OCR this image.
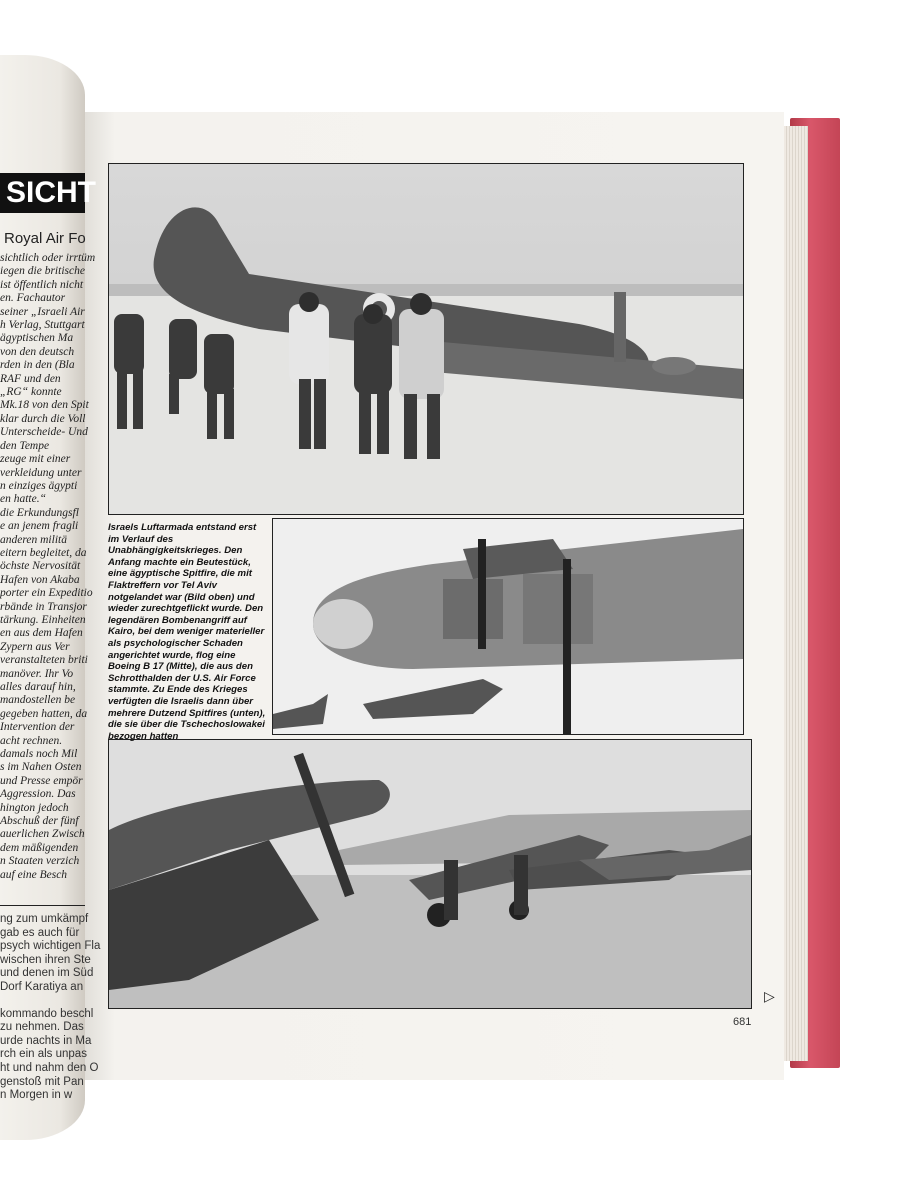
SICHT
Royal Air Fo
sichtlich oder irrtüm
iegen die britische
ist öffentlich nicht
en. Fachautor
seiner „Israeli Air
h Verlag, Stuttgart
ägyptischen Ma
von den deutsch
rden in den (Bla
RAF und den
„RG“ konnte
Mk.18 von den Spit
klar durch die Voll
Unterscheide- Und
den Tempe
zeuge mit einer
verkleidung unter
n einziges ägypti
en hatte.“
die Erkundungsfl
e an jenem fragli
anderen militä
eitern begleitet, da
öchste Nervosität
Hafen von Akaba
porter ein Expeditio
rbände in Transjor
tärkung. Einheiten
en aus dem Hafen
Zypern aus Ver
veranstalteten briti
manöver. Ihr Vo
alles darauf hin,
mandostellen be
gegeben hatten, da
Intervention der
acht rechnen.
damals noch Mil
s im Nahen Osten
und Presse empör
Aggression. Das
hington jedoch
Abschuß der fünf
auerlichen Zwisch
dem mäßigenden
n Staaten verzich
auf eine Besch
ng zum umkämpf
gab es auch für
psych wichtigen Fla
wischen ihren Ste
und denen im Süd
Dorf Karatiya an
kommando beschl
zu nehmen. Das
urde nachts in Ma
rch ein als unpas
ht und nahm den O
genstoß mit Pan
n Morgen in w
Israels Luftarmada entstand erst im Verlauf des Unabhängigkeitskrieges. Den Anfang machte ein Beutestück, eine ägyptische Spitfire, die mit Flaktreffern vor Tel Aviv notgelandet war (Bild oben) und wieder zurechtgeflickt wurde. Den legendären Bombenangriff auf Kairo, bei dem weniger materieller als psychologischer Schaden angerichtet wurde, flog eine Boeing B 17 (Mitte), die aus den Schrotthalden der U.S. Air Force stammte. Zu Ende des Krieges verfügten die Israelis dann über mehrere Dutzend Spitfires (unten), die sie über die Tschechoslowakei bezogen hatten
▷
681
